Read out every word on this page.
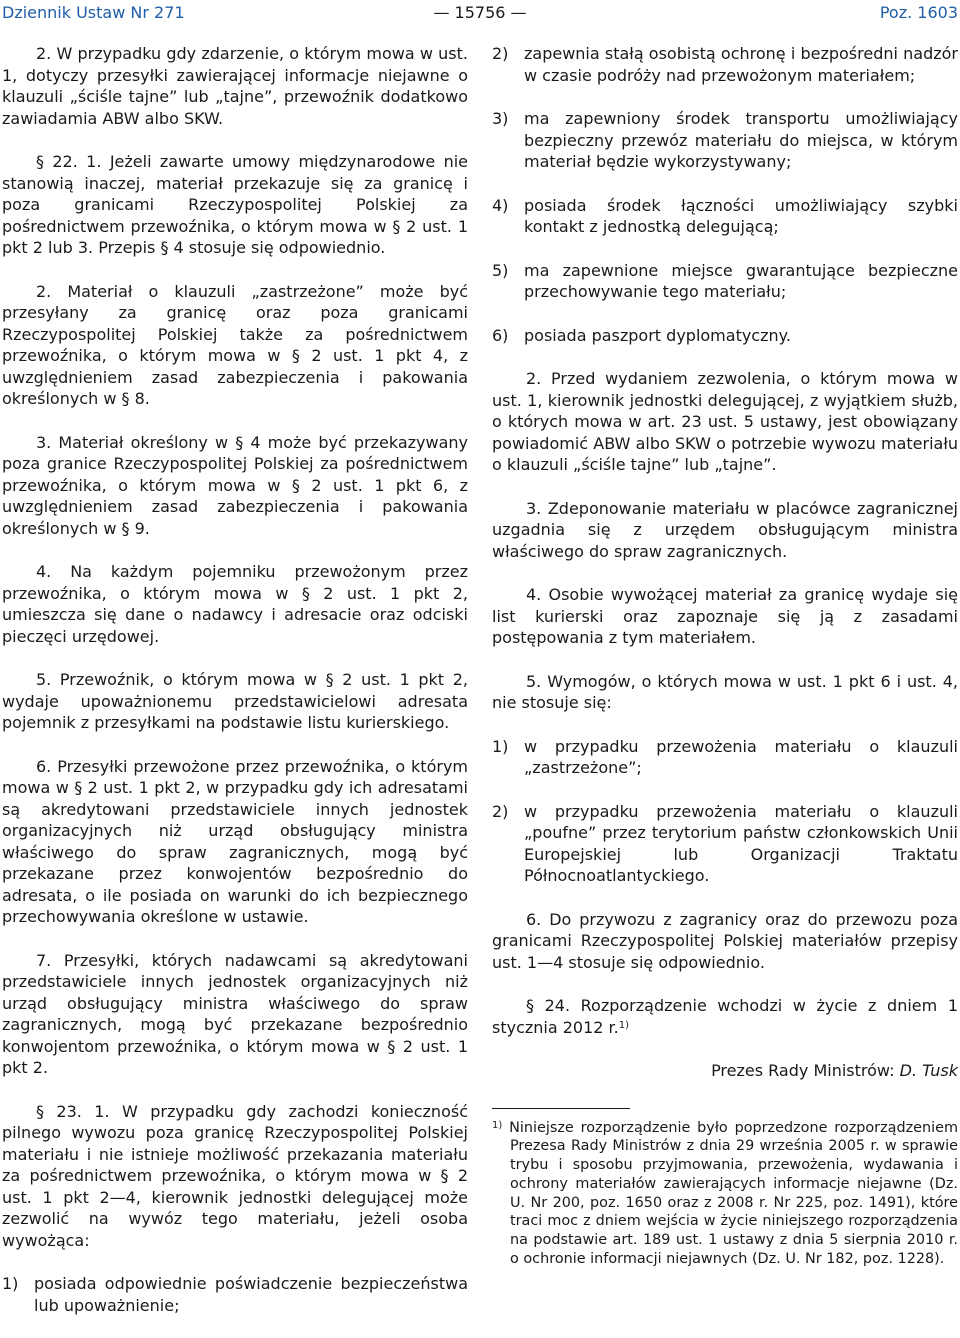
Dziennik Ustaw Nr 271	— 15756 —	Poz. 1603

2. W przypadku gdy zdarzenie, o którym mowa w ust. 1, dotyczy przesyłki zawierającej informacje niejawne o klauzuli „ściśle tajne” lub „tajne”, przewoźnik dodatkowo zawiadamia ABW albo SKW.

§ 22. 1. Jeżeli zawarte umowy międzynarodowe nie stanowią inaczej, materiał przekazuje się za granicę i poza granicami Rzeczypospolitej Polskiej za pośrednictwem przewoźnika, o którym mowa w § 2 ust. 1 pkt 2 lub 3. Przepis § 4 stosuje się odpowiednio.

2. Materiał o klauzuli „zastrzeżone” może być przesyłany za granicę oraz poza granicami Rzeczypospolitej Polskiej także za pośrednictwem przewoźnika, o którym mowa w § 2 ust. 1 pkt 4, z uwzględnieniem zasad zabezpieczenia i pakowania określonych w § 8.

3. Materiał określony w § 4 może być przekazywany poza granice Rzeczypospolitej Polskiej za pośrednictwem przewoźnika, o którym mowa w § 2 ust. 1 pkt 6, z uwzględnieniem zasad zabezpieczenia i pakowania określonych w § 9.

4. Na każdym pojemniku przewożonym przez przewoźnika, o którym mowa w § 2 ust. 1 pkt 2, umieszcza się dane o nadawcy i adresacie oraz odciski pieczęci urzędowej.

5. Przewoźnik, o którym mowa w § 2 ust. 1 pkt 2, wydaje upoważnionemu przedstawicielowi adresata pojemnik z przesyłkami na podstawie listu kurierskiego.

6. Przesyłki przewożone przez przewoźnika, o którym mowa w § 2 ust. 1 pkt 2, w przypadku gdy ich adresatami są akredytowani przedstawiciele innych jednostek organizacyjnych niż urząd obsługujący ministra właściwego do spraw zagranicznych, mogą być przekazane przez konwojentów bezpośrednio do adresata, o ile posiada on warunki do ich bezpiecznego przechowywania określone w ustawie.

7. Przesyłki, których nadawcami są akredytowani przedstawiciele innych jednostek organizacyjnych niż urząd obsługujący ministra właściwego do spraw zagranicznych, mogą być przekazane bezpośrednio konwojentom przewoźnika, o którym mowa w § 2 ust. 1 pkt 2.

§ 23. 1. W przypadku gdy zachodzi konieczność pilnego wywozu poza granicę Rzeczypospolitej Polskiej materiału i nie istnieje możliwość przekazania materiału za pośrednictwem przewoźnika, o którym mowa w § 2 ust. 1 pkt 2—4, kierownik jednostki delegującej może zezwolić na wywóz tego materiału, jeżeli osoba wywożąca:

1) posiada odpowiednie poświadczenie bezpieczeństwa lub upoważnienie;

2) zapewnia stałą osobistą ochronę i bezpośredni nadzór w czasie podróży nad przewożonym materiałem;

3) ma zapewniony środek transportu umożliwiający bezpieczny przewóz materiału do miejsca, w którym materiał będzie wykorzystywany;

4) posiada środek łączności umożliwiający szybki kontakt z jednostką delegującą;

5) ma zapewnione miejsce gwarantujące bezpieczne przechowywanie tego materiału;

6) posiada paszport dyplomatyczny.

2. Przed wydaniem zezwolenia, o którym mowa w ust. 1, kierownik jednostki delegującej, z wyjątkiem służb, o których mowa w art. 23 ust. 5 ustawy, jest obowiązany powiadomić ABW albo SKW o potrzebie wywozu materiału o klauzuli „ściśle tajne” lub „tajne”.

3. Zdeponowanie materiału w placówce zagranicznej uzgadnia się z urzędem obsługującym ministra właściwego do spraw zagranicznych.

4. Osobie wywożącej materiał za granicę wydaje się list kurierski oraz zapoznaje się ją z zasadami postępowania z tym materiałem.

5. Wymogów, o których mowa w ust. 1 pkt 6 i ust. 4, nie stosuje się:

1) w przypadku przewożenia materiału o klauzuli „zastrzeżone”;

2) w przypadku przewożenia materiału o klauzuli „poufne” przez terytorium państw członkowskich Unii Europejskiej lub Organizacji Traktatu Północnoatlantyckiego.

6. Do przywozu z zagranicy oraz do przewozu poza granicami Rzeczypospolitej Polskiej materiałów przepisy ust. 1—4 stosuje się odpowiednio.

§ 24. Rozporządzenie wchodzi w życie z dniem 1 stycznia 2012 r.$^{1)}$

Prezes Rady Ministrów: D. Tusk

$^{1)}$ Niniejsze rozporządzenie było poprzedzone rozporządzeniem Prezesa Rady Ministrów z dnia 29 września 2005 r. w sprawie trybu i sposobu przyjmowania, przewożenia, wydawania i ochrony materiałów zawierających informacje niejawne (Dz. U. Nr 200, poz. 1650 oraz z 2008 r. Nr 225, poz. 1491), które traci moc z dniem wejścia w życie niniejszego rozporządzenia na podstawie art. 189 ust. 1 ustawy z dnia 5 sierpnia 2010 r. o ochronie informacji niejawnych (Dz. U. Nr 182, poz. 1228).
